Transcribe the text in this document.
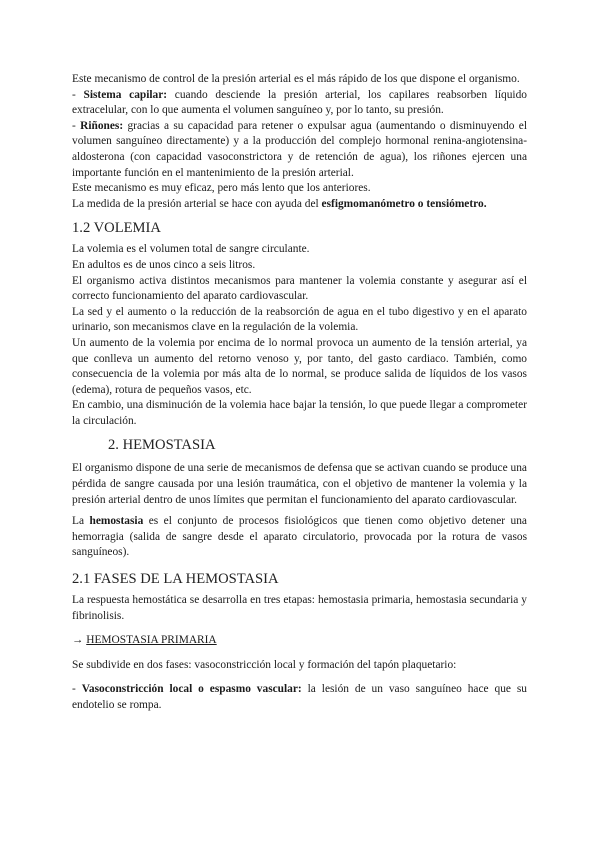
Este mecanismo de control de la presión arterial es el más rápido de los que dispone el organismo.

- Sistema capilar: cuando desciende la presión arterial, los capilares reabsorben líquido extracelular, con lo que aumenta el volumen sanguíneo y, por lo tanto, su presión.

- Riñones: gracias a su capacidad para retener o expulsar agua (aumentando o disminuyendo el volumen sanguíneo directamente) y a la producción del complejo hormonal renina-angiotensina-aldosterona (con capacidad vasoconstrictora y de retención de agua), los riñones ejercen una importante función en el mantenimiento de la presión arterial.

Este mecanismo es muy eficaz, pero más lento que los anteriores.

La medida de la presión arterial se hace con ayuda del esfigmomanómetro o tensiómetro.

1.2 VOLEMIA

La volemia es el volumen total de sangre circulante.

En adultos es de unos cinco a seis litros.

El organismo activa distintos mecanismos para mantener la volemia constante y asegurar así el correcto funcionamiento del aparato cardiovascular.

La sed y el aumento o la reducción de la reabsorción de agua en el tubo digestivo y en el aparato urinario, son mecanismos clave en la regulación de la volemia.

Un aumento de la volemia por encima de lo normal provoca un aumento de la tensión arterial, ya que conlleva un aumento del retorno venoso y, por tanto, del gasto cardiaco. También, como consecuencia de la volemia por más alta de lo normal, se produce salida de líquidos de los vasos (edema), rotura de pequeños vasos, etc.

En cambio, una disminución de la volemia hace bajar la tensión, lo que puede llegar a comprometer la circulación.

2. HEMOSTASIA

El organismo dispone de una serie de mecanismos de defensa que se activan cuando se produce una pérdida de sangre causada por una lesión traumática, con el objetivo de mantener la volemia y la presión arterial dentro de unos límites que permitan el funcionamiento del aparato cardiovascular.

La hemostasia es el conjunto de procesos fisiológicos que tienen como objetivo detener una hemorragia (salida de sangre desde el aparato circulatorio, provocada por la rotura de vasos sanguíneos).

2.1 FASES DE LA HEMOSTASIA

La respuesta hemostática se desarrolla en tres etapas: hemostasia primaria, hemostasia secundaria y fibrinolisis.

→ HEMOSTASIA PRIMARIA

Se subdivide en dos fases: vasoconstricción local y formación del tapón plaquetario:

- Vasoconstricción local o espasmo vascular: la lesión de un vaso sanguíneo hace que su endotelio se rompa.
